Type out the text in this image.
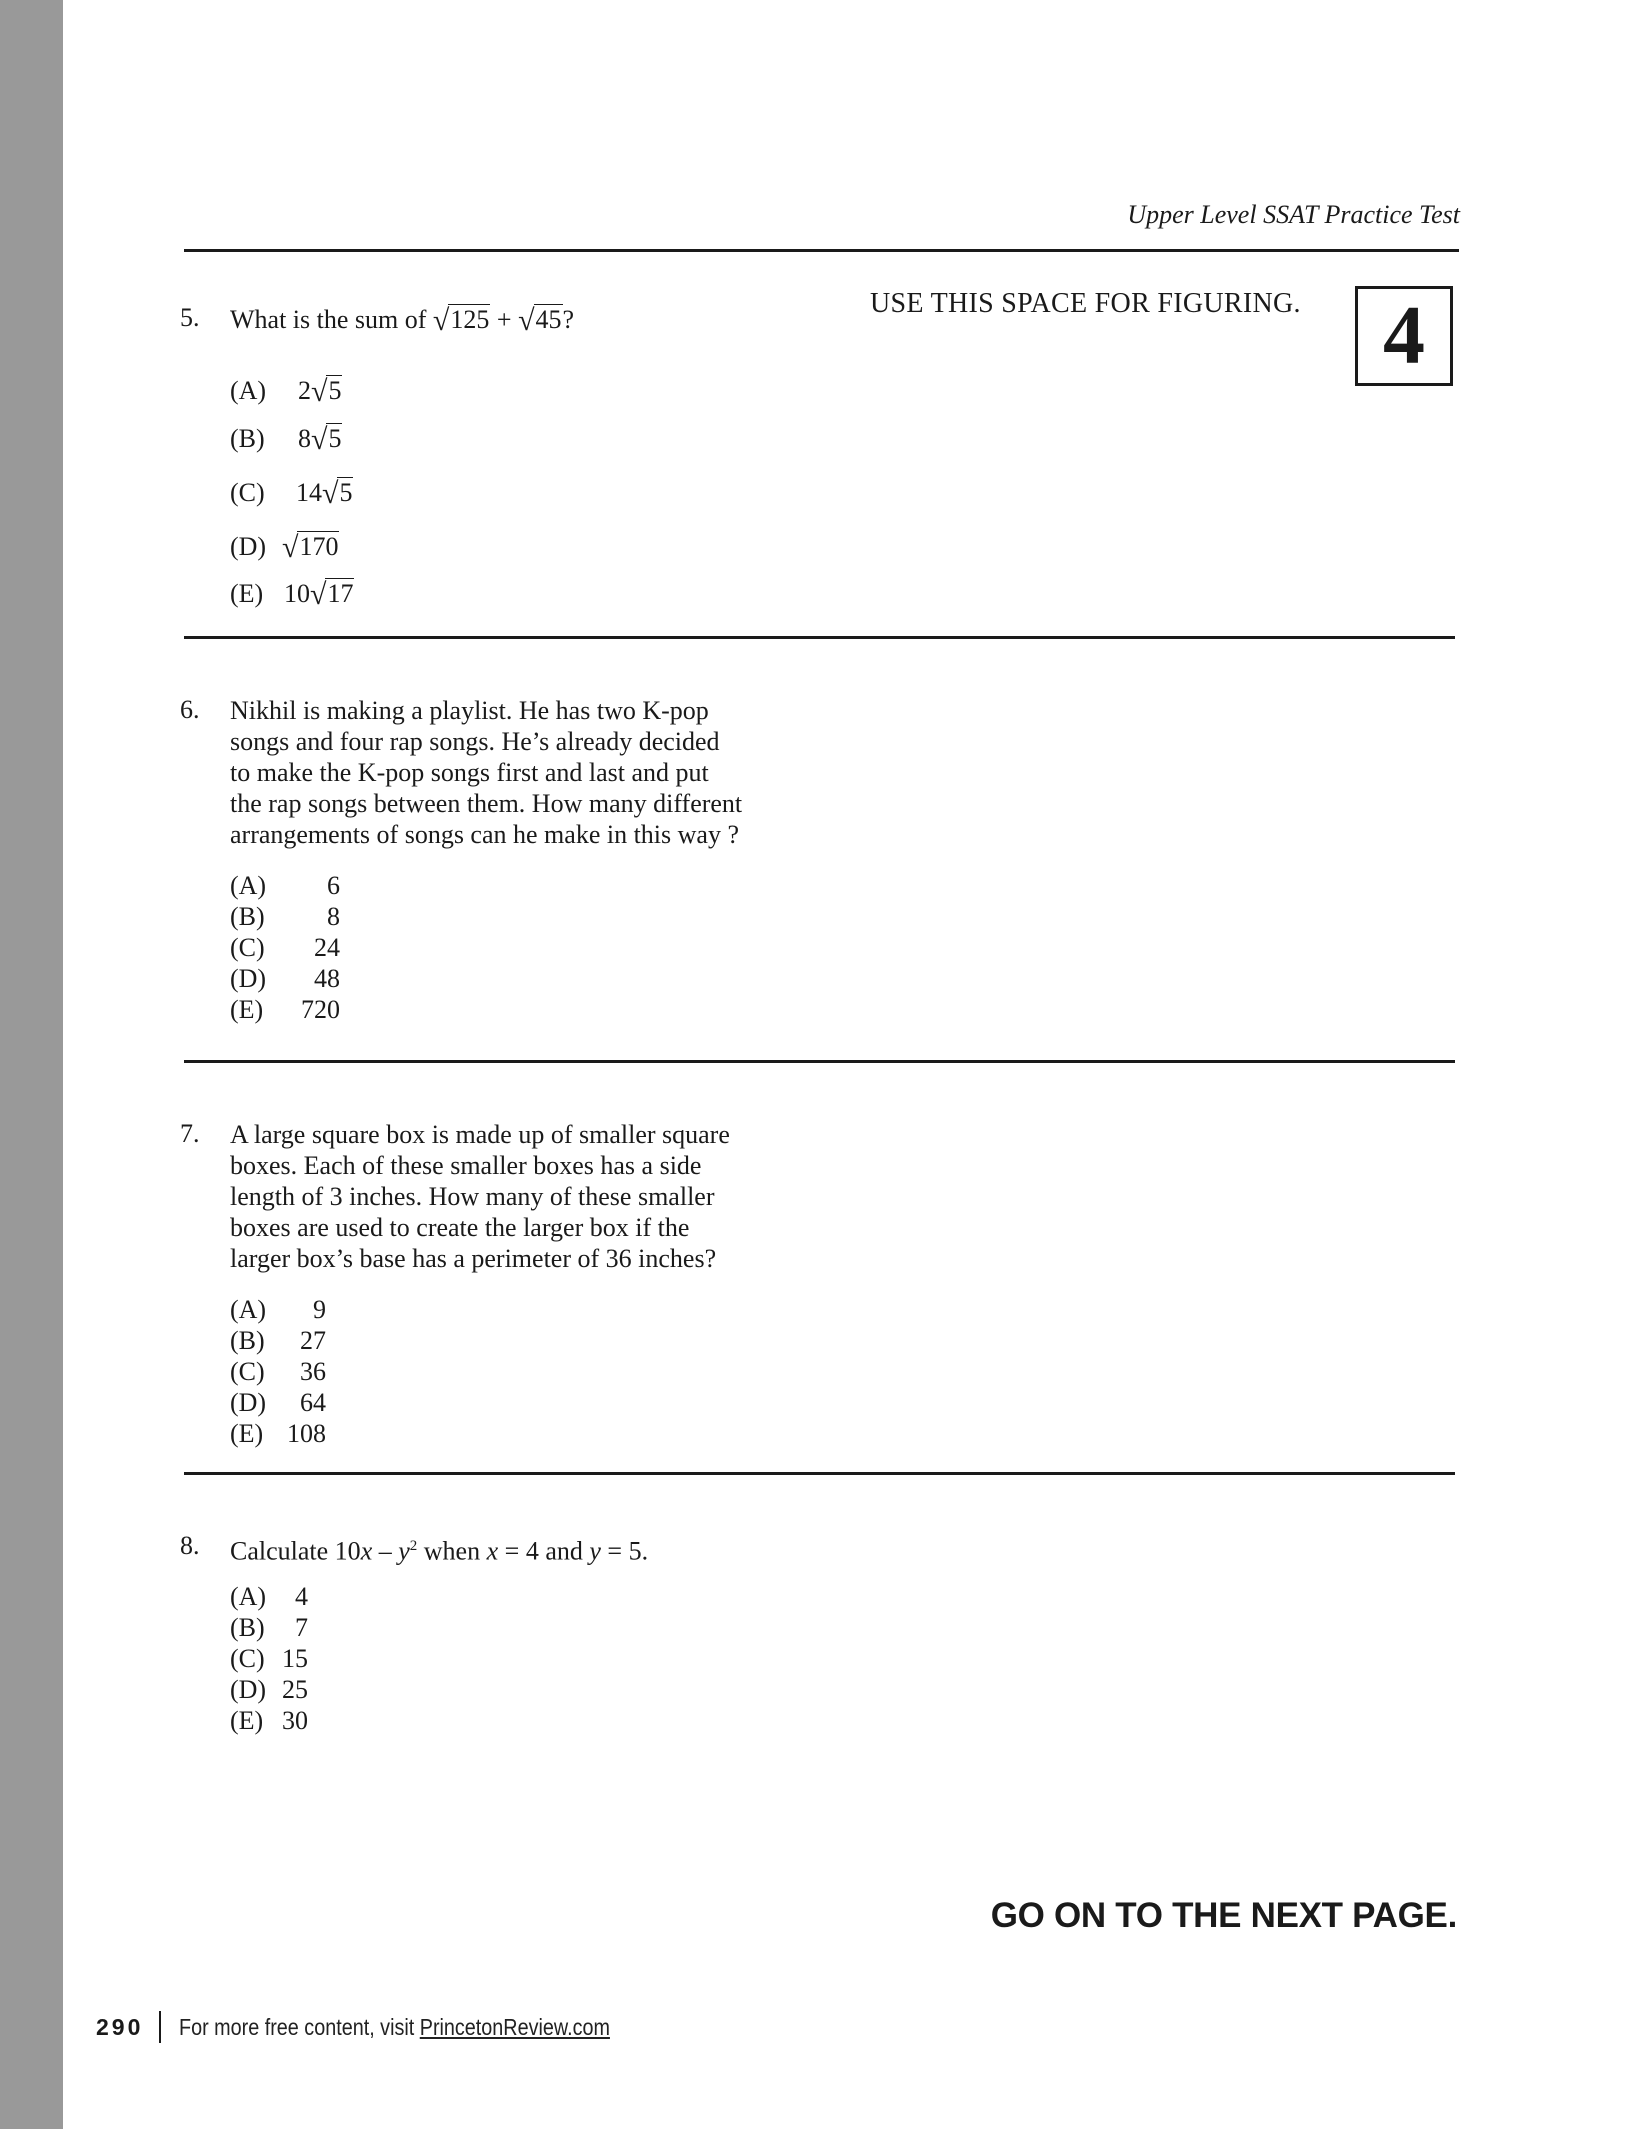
Upper Level SSAT Practice Test
USE THIS SPACE FOR FIGURING. 4
5. What is the sum of √125 + √45?
(A) 2√5
(B) 8√5
(C) 14√5
(D) √170
(E) 10√17
6. Nikhil is making a playlist. He has two K-pop
songs and four rap songs. He’s already decided
to make the K-pop songs first and last and put
the rap songs between them. How many different
arrangements of songs can he make in this way ?
(A)	6
(B)	8
(C)	24
(D)	48
(E)	720
7. A large square box is made up of smaller square
boxes. Each of these smaller boxes has a side
length of 3 inches. How many of these smaller
boxes are used to create the larger box if the
larger box’s base has a perimeter of 36 inches?
(A)	9
(B)	27
(C)	36
(D)	64
(E) 108
8. Calculate $10x - y^2$ when x = 4 and y = 5.
(A)	4
(B)	7
(C) 15
(D) 25
(E) 30
GO ON TO THE NEXT PAGE.
290 For more free content, visit PrincetonReview.com
